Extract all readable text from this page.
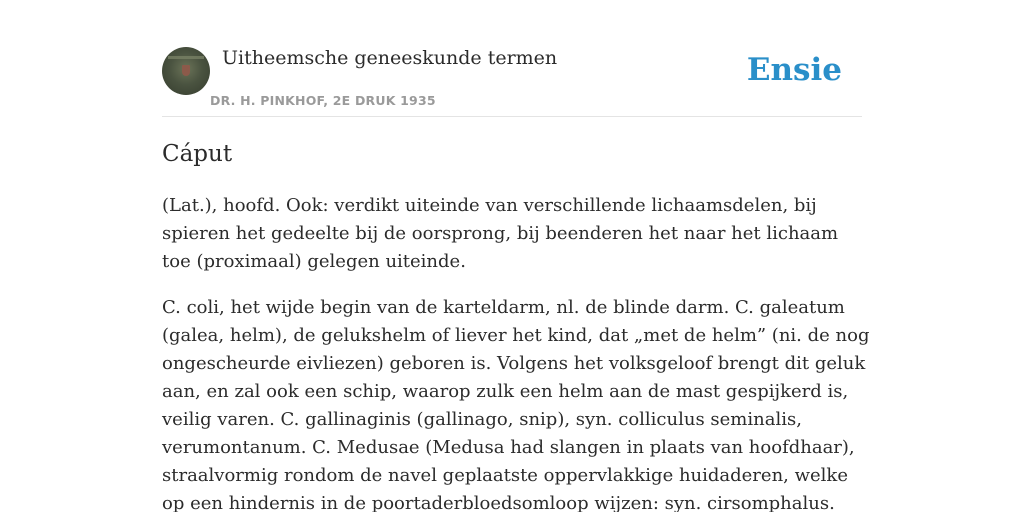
Uitheemsche geneeskunde termen
DR. H. PINKHOF, 2E DRUK 1935
Ensie
Cáput

(Lat.), hoofd. Ook: verdikt uiteinde van verschillende lichaamsdelen, bij spieren het gedeelte bij de oorsprong, bij beenderen het naar het lichaam toe (proximaal) gelegen uiteinde.

C. coli, het wijde begin van de karteldarm, nl. de blinde darm. C. galeatum (galea, helm), de gelukshelm of liever het kind, dat „met de helm” (ni. de nog ongescheurde eivliezen) geboren is. Volgens het volksgeloof brengt dit geluk aan, en zal ook een schip, waarop zulk een helm aan de mast gespijkerd is, veilig varen. C. gallinaginis (gallinago, snip), syn. colliculus seminalis, verumontanum. C. Medusae (Medusa had slangen in plaats van hoofdhaar), straalvormig rondom de navel geplaatste oppervlakkige huidaderen, welke op een hindernis in de poortaderbloedsomloop wijzen: syn. cirsomphalus.
